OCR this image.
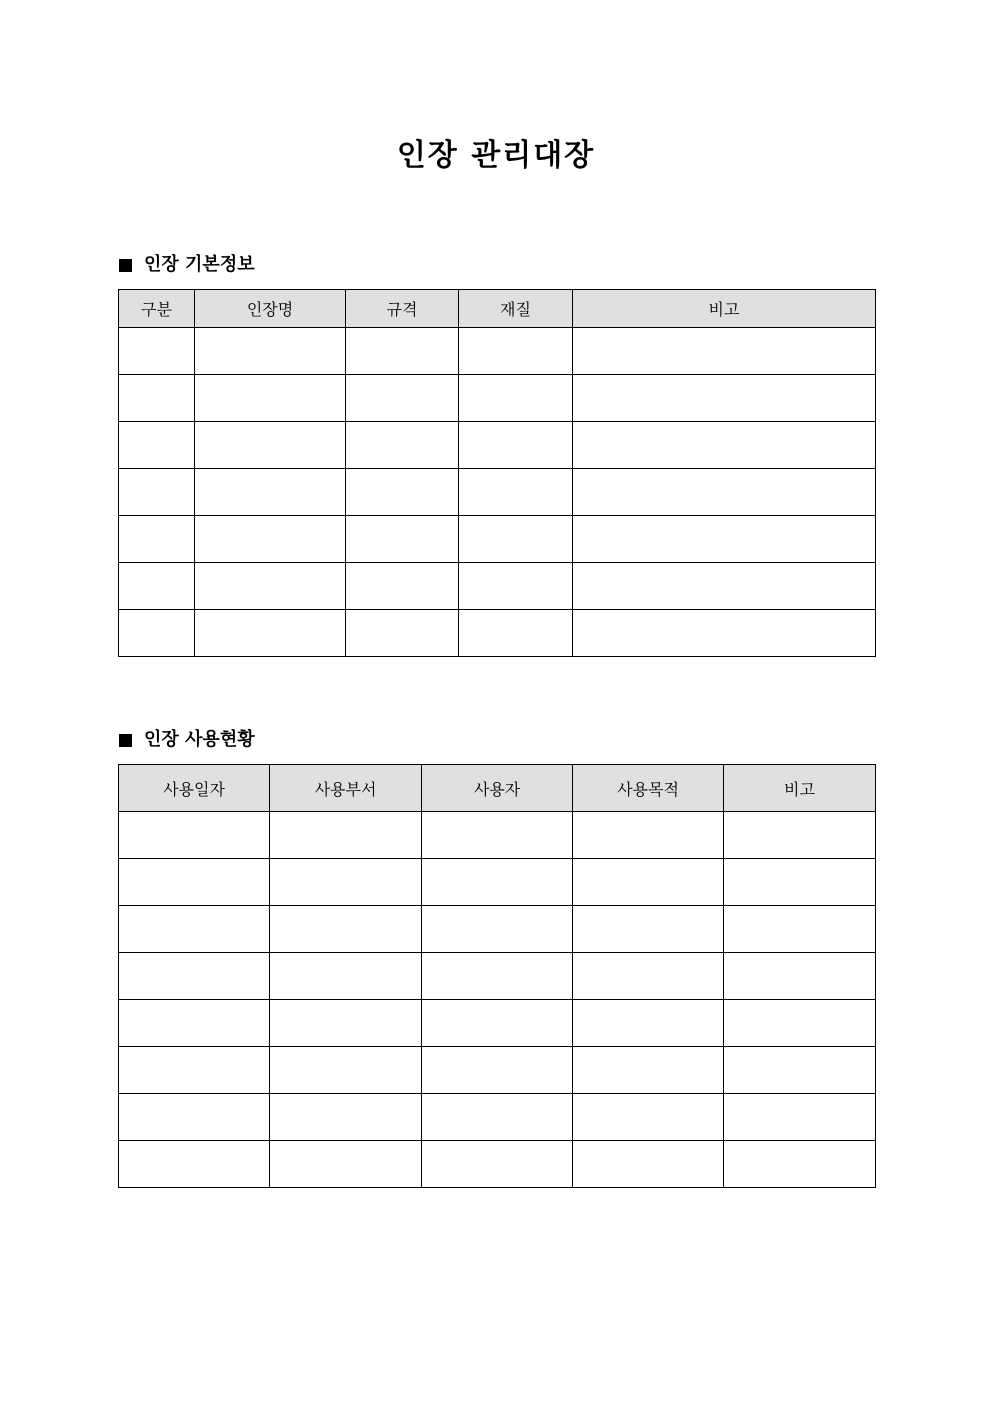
인장 관리대장
인장 기본정보
구분	인장명	규격	재질	비고

인장 사용현황
사용일자	사용부서	사용자	사용목적	비고
